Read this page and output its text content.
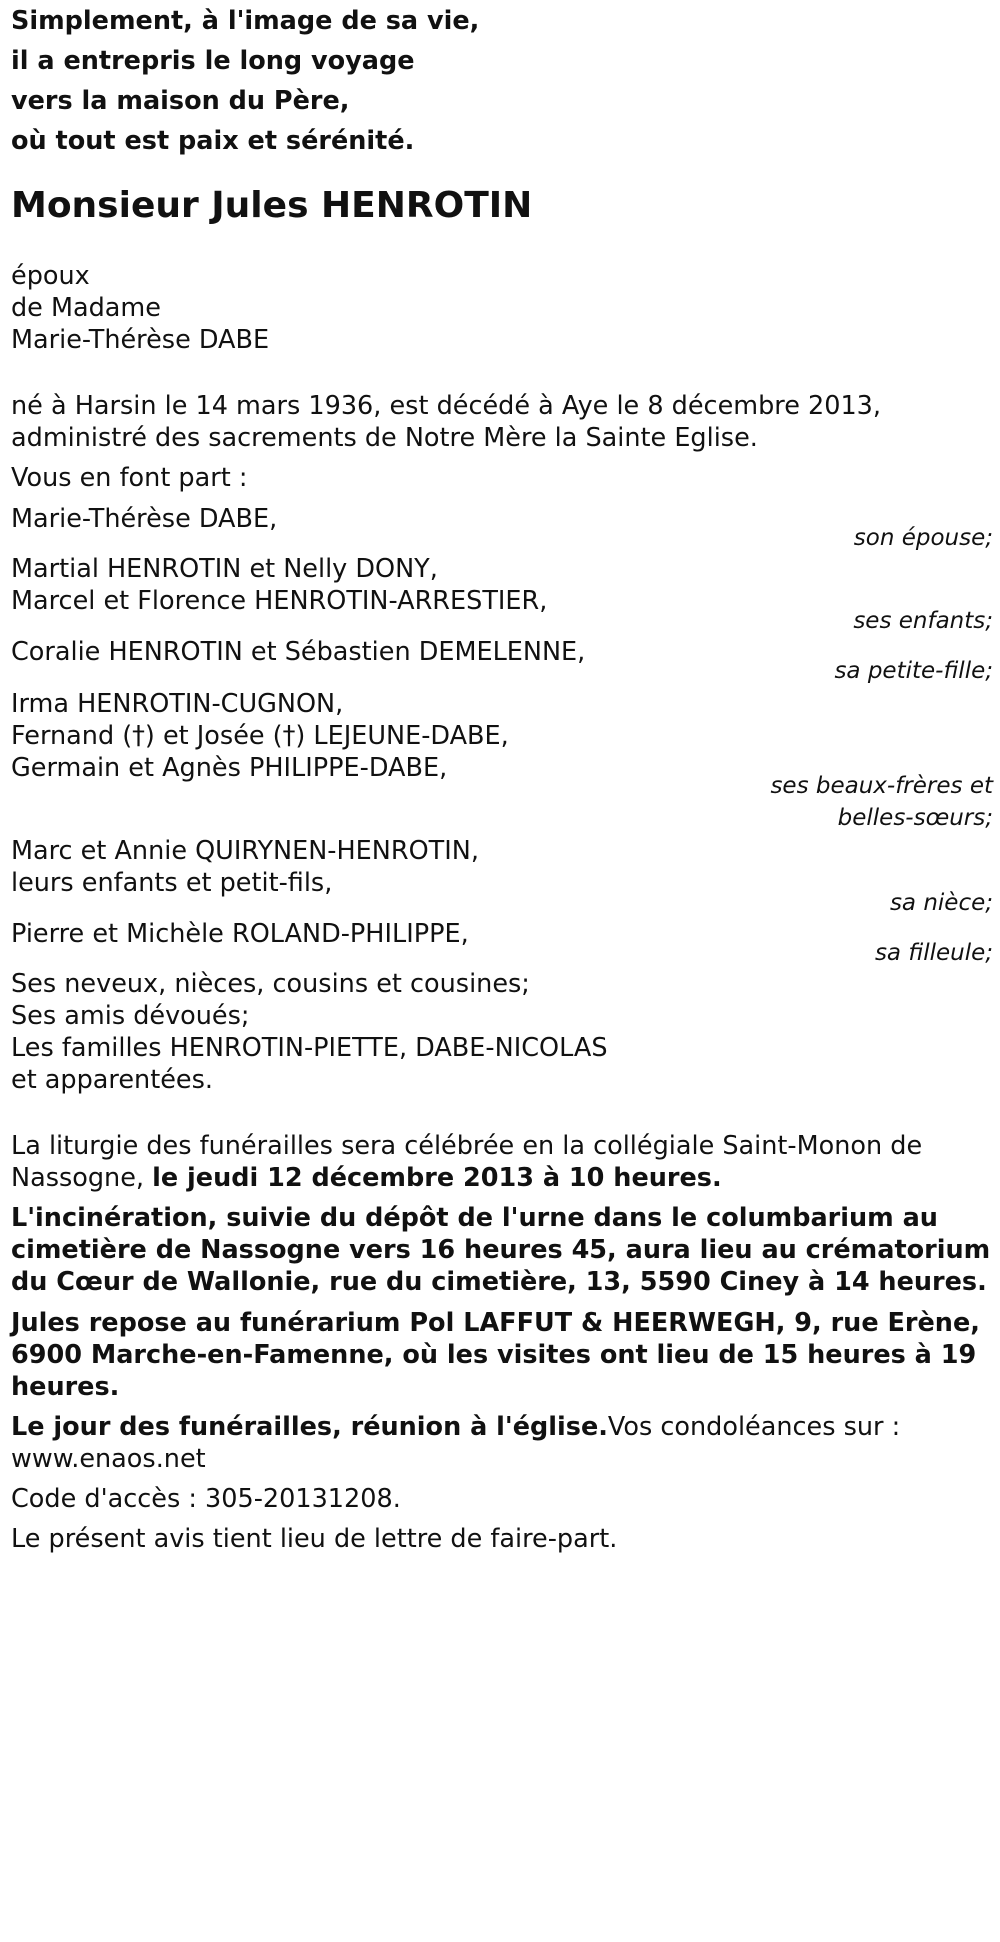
Simplement, à l'image de sa vie,
il a entrepris le long voyage
vers la maison du Père,
où tout est paix et sérénité.
Monsieur Jules HENROTIN
époux
de Madame
Marie-Thérèse DABE
né à Harsin le 14 mars 1936, est décédé à Aye le 8 décembre 2013,
administré des sacrements de Notre Mère la Sainte Eglise.
Vous en font part :
Marie-Thérèse DABE,
son épouse;
Martial HENROTIN et Nelly DONY,
Marcel et Florence HENROTIN-ARRESTIER,
ses enfants;
Coralie HENROTIN et Sébastien DEMELENNE,
sa petite-fille;
Irma HENROTIN-CUGNON,
Fernand (†) et Josée (†) LEJEUNE-DABE,
Germain et Agnès PHILIPPE-DABE,
ses beaux-frères et
belles-sœurs;
Marc et Annie QUIRYNEN-HENROTIN,
leurs enfants et petit-fils,
sa nièce;
Pierre et Michèle ROLAND-PHILIPPE,
sa filleule;
Ses neveux, nièces, cousins et cousines;
Ses amis dévoués;
Les familles HENROTIN-PIETTE, DABE-NICOLAS
et apparentées.
La liturgie des funérailles sera célébrée en la collégiale Saint-Monon de
Nassogne, le jeudi 12 décembre 2013 à 10 heures.
L'incinération, suivie du dépôt de l'urne dans le columbarium au
cimetière de Nassogne vers 16 heures 45, aura lieu au crématorium
du Cœur de Wallonie, rue du cimetière, 13, 5590 Ciney à 14 heures.
Jules repose au funérarium Pol LAFFUT & HEERWEGH, 9, rue Erène,
6900 Marche-en-Famenne, où les visites ont lieu de 15 heures à 19
heures.
Le jour des funérailles, réunion à l'église.Vos condoléances sur :
www.enaos.net
Code d'accès : 305-20131208.
Le présent avis tient lieu de lettre de faire-part.
